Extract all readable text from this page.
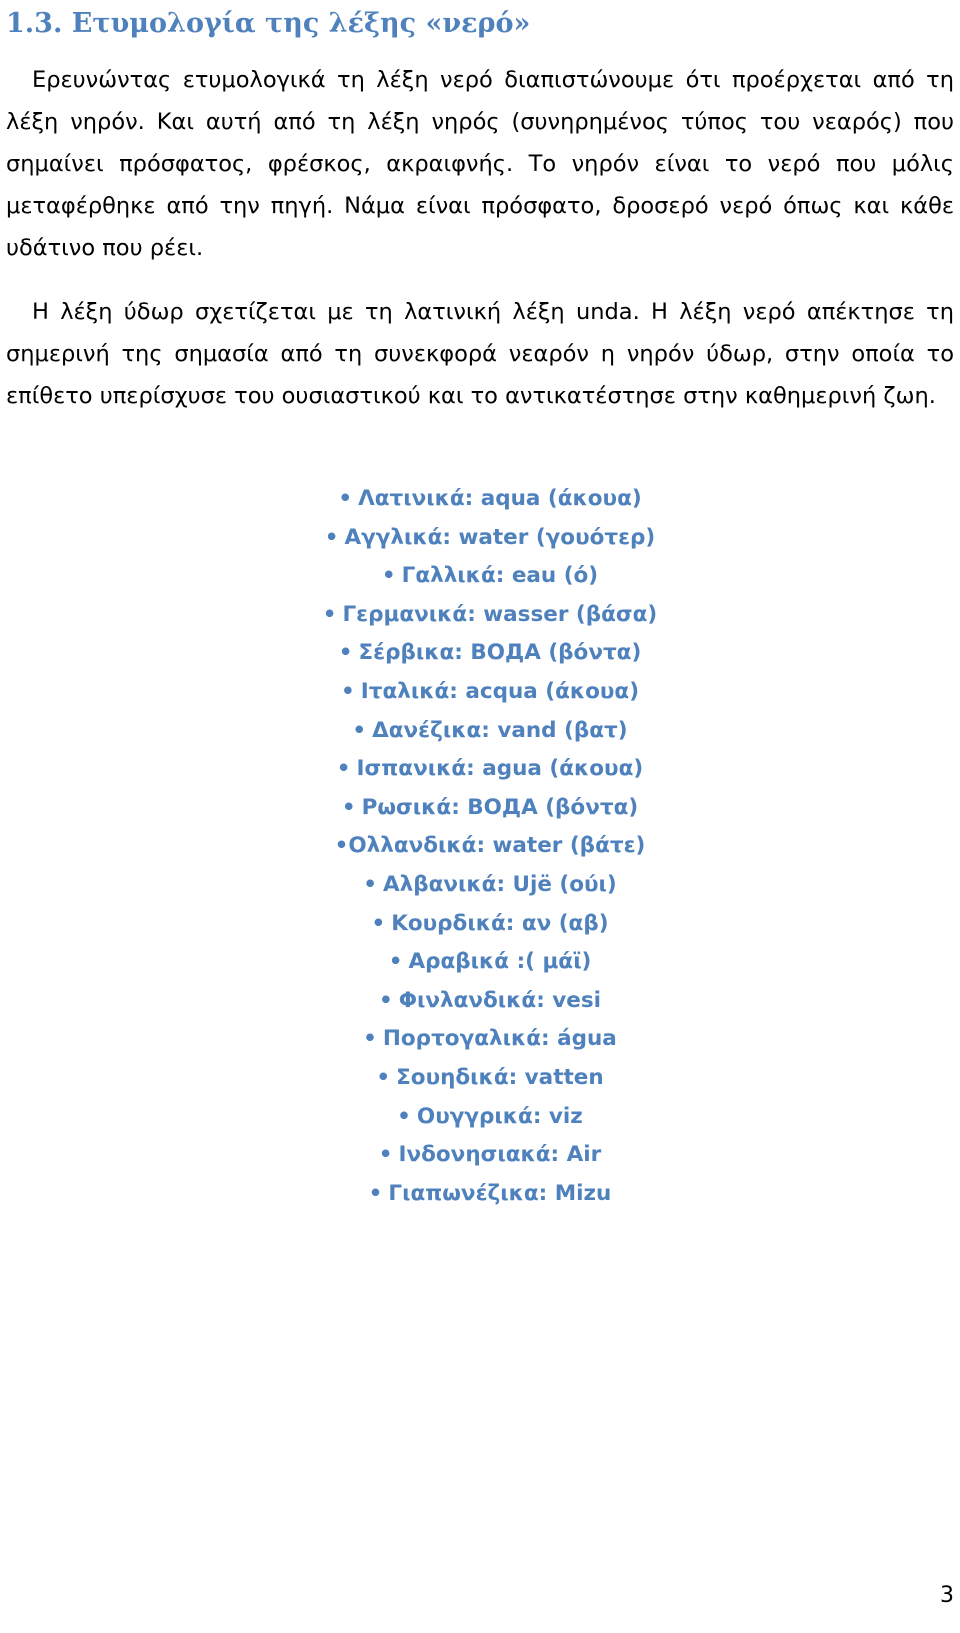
1.3. Ετυμολογία της λέξης «νερό»

Ερευνώντας ετυμολογικά τη λέξη νερό διαπιστώνουμε ότι προέρχεται από τη λέξη νηρόν. Και αυτή από τη λέξη νηρός (συνηρημένος τύπος του νεαρός) που σημαίνει πρόσφατος, φρέσκος, ακραιφνής. Το νηρόν είναι το νερό που μόλις μεταφέρθηκε από την πηγή. Νάμα είναι πρόσφατο, δροσερό νερό όπως και κάθε υδάτινο που ρέει.

Η λέξη ύδωρ σχετίζεται με τη λατινική λέξη unda. Η λέξη νερό απέκτησε τη σημερινή της σημασία από τη συνεκφορά νεαρόν η νηρόν ύδωρ, στην οποία το επίθετο υπερίσχυσε του ουσιαστικού και το αντικατέστησε στην καθημερινή ζωη.

• Λατινικά: aqua (άκουα)
• Αγγλικά: water (γουότερ)
• Γαλλικά: eau (ό)
• Γερμανικά: wasser (βάσα)
• Σέρβικα: ΒΟДА (βόντα)
• Ιταλικά: acqua (άκουα)
• Δανέζικα: vand (βατ)
• Ισπανικά: agua (άκουα)
• Ρωσικά: ВОДА (βόντα)
•Ολλανδικά: water (βάτε)
• Αλβανικά: Ujë (ούι)
• Κουρδικά: αν (αβ)
• Αραβικά :( μάϊ)
• Φινλανδικά: vesi
• Πορτογαλικά: água
• Σουηδικά: vatten
• Ουγγρικά: viz
• Ινδονησιακά: Air
• Γιαπωνέζικα: Mizu
3
